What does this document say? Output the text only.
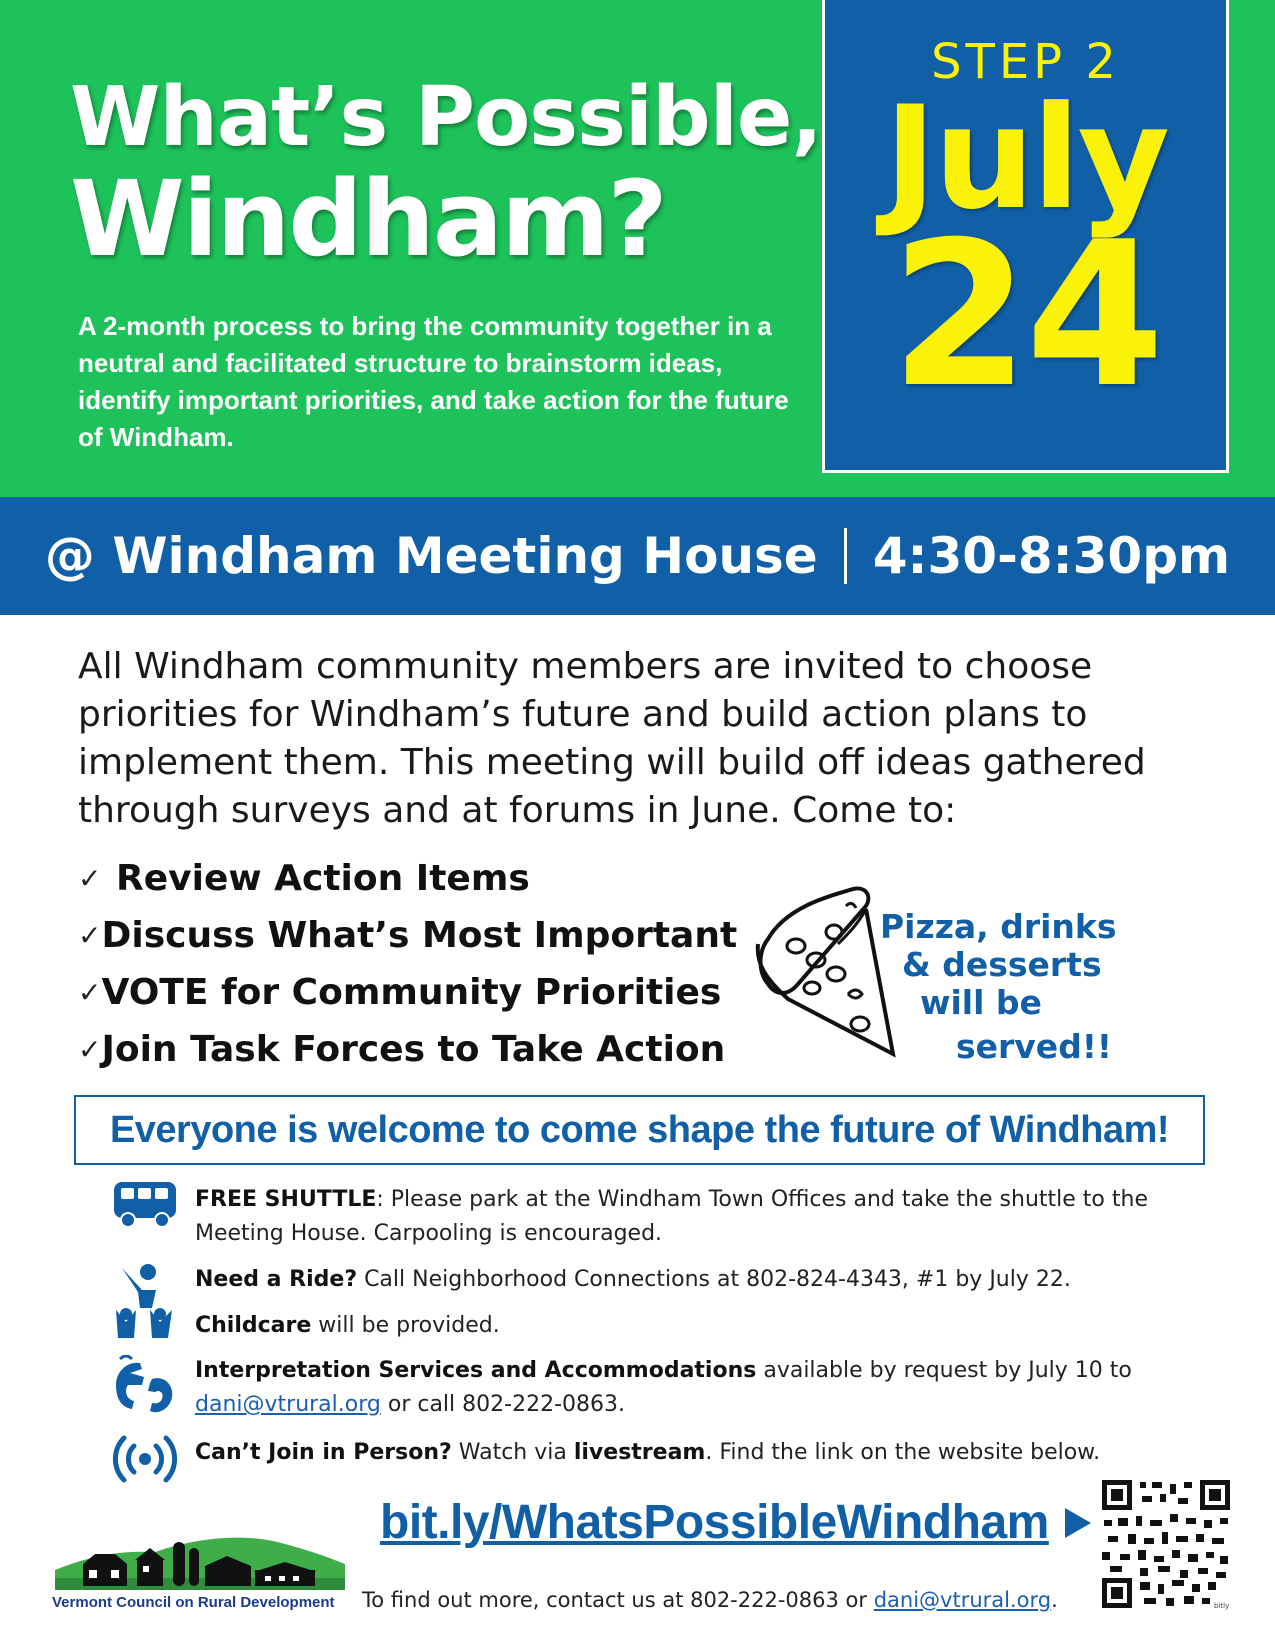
What’s Possible,
Windham?

A 2-month process to bring the community together in a neutral and facilitated structure to brainstorm ideas, identify important priorities, and take action for the future of Windham.

STEP 2
July
24
@ Windham Meeting House 4:30-8:30pm

All Windham community members are invited to choose priorities for Windham’s future and build action plans to implement them. This meeting will build off ideas gathered through surveys and at forums in June. Come to:

✓ Review Action Items
✓ Discuss What’s Most Important
✓ VOTE for Community Priorities
✓ Join Task Forces to Take Action
Pizza, drinks
& desserts
will be
served!!
Everyone is welcome to come shape the future of Windham!
FREE SHUTTLE: Please park at the Windham Town Offices and take the shuttle to the Meeting House. Carpooling is encouraged.
Need a Ride? Call Neighborhood Connections at 802-824-4343, #1 by July 22.
Childcare will be provided.
Interpretation Services and Accommodations available by request by July 10 to
dani@vtrural.org or call 802-222-0863.
Can’t Join in Person? Watch via livestream. Find the link on the website below.
bit.ly/WhatsPossibleWindham
bitly
Vermont Council on Rural Development	To find out more, contact us at 802-222-0863 or dani@vtrural.org.
